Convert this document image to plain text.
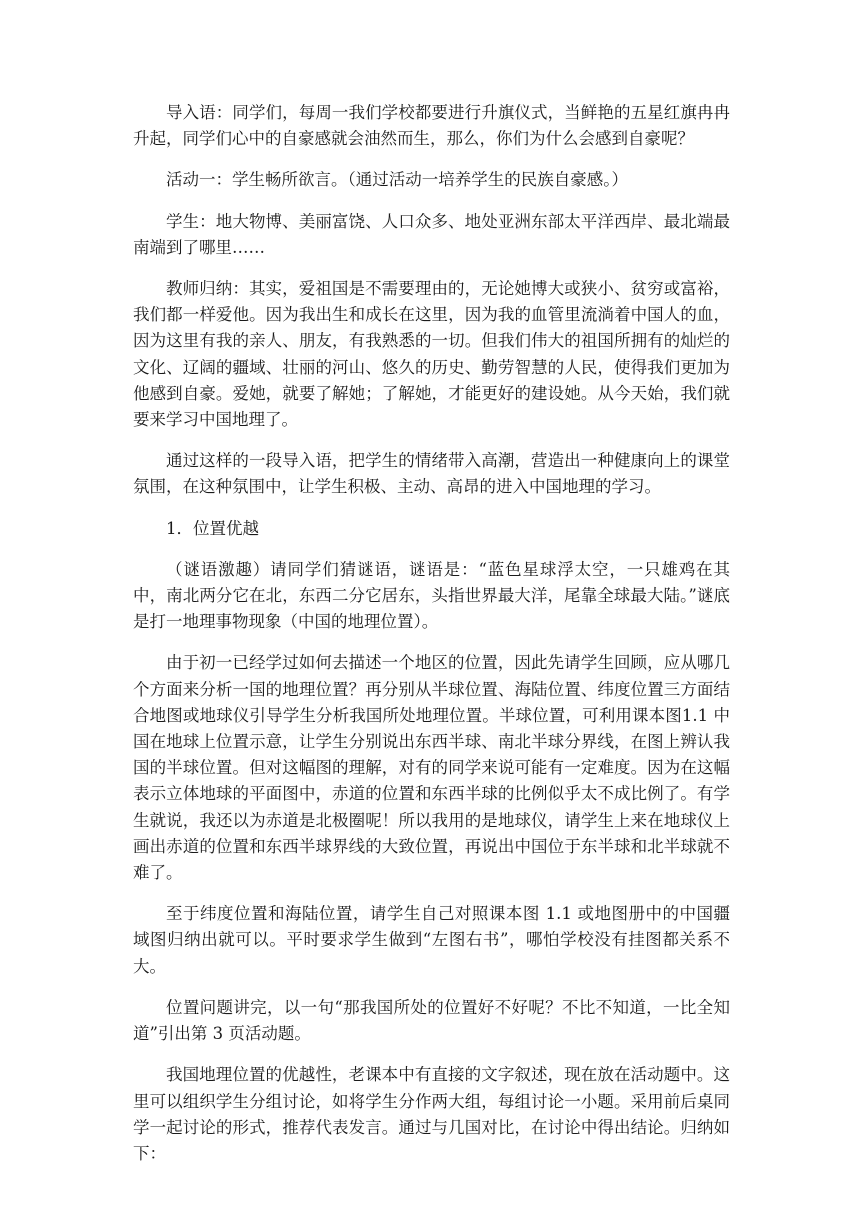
导入语：同学们，每周一我们学校都要进行升旗仪式，当鲜艳的五星红旗冉冉升起，同学们心中的自豪感就会油然而生，那么，你们为什么会感到自豪呢？

活动一：学生畅所欲言。（通过活动一培养学生的民族自豪感。）

学生：地大物博、美丽富饶、人口众多、地处亚洲东部太平洋西岸、最北端最南端到了哪里……

教师归纳：其实，爱祖国是不需要理由的，无论她博大或狭小、贫穷或富裕，我们都一样爱他。因为我出生和成长在这里，因为我的血管里流淌着中国人的血，因为这里有我的亲人、朋友，有我熟悉的一切。但我们伟大的祖国所拥有的灿烂的文化、辽阔的疆域、壮丽的河山、悠久的历史、勤劳智慧的人民，使得我们更加为他感到自豪。爱她，就要了解她；了解她，才能更好的建设她。从今天始，我们就要来学习中国地理了。

通过这样的一段导入语，把学生的情绪带入高潮，营造出一种健康向上的课堂氛围，在这种氛围中，让学生积极、主动、高昂的进入中国地理的学习。

1．位置优越

（谜语激趣）请同学们猜谜语，谜语是：“蓝色星球浮太空，一只雄鸡在其中，南北两分它在北，东西二分它居东，头指世界最大洋，尾靠全球最大陆。”谜底是打一地理事物现象（中国的地理位置）。

由于初一已经学过如何去描述一个地区的位置，因此先请学生回顾，应从哪几个方面来分析一国的地理位置？再分别从半球位置、海陆位置、纬度位置三方面结合地图或地球仪引导学生分析我国所处地理位置。半球位置，可利用课本图1.1 中国在地球上位置示意，让学生分别说出东西半球、南北半球分界线，在图上辨认我国的半球位置。但对这幅图的理解，对有的同学来说可能有一定难度。因为在这幅表示立体地球的平面图中，赤道的位置和东西半球的比例似乎太不成比例了。有学生就说，我还以为赤道是北极圈呢！所以我用的是地球仪，请学生上来在地球仪上画出赤道的位置和东西半球界线的大致位置，再说出中国位于东半球和北半球就不难了。

至于纬度位置和海陆位置，请学生自己对照课本图 1.1 或地图册中的中国疆域图归纳出就可以。平时要求学生做到“左图右书”，哪怕学校没有挂图都关系不大。

位置问题讲完，以一句“那我国所处的位置好不好呢？不比不知道，一比全知道”引出第 3 页活动题。

我国地理位置的优越性，老课本中有直接的文字叙述，现在放在活动题中。这里可以组织学生分组讨论，如将学生分作两大组，每组讨论一小题。采用前后桌同学一起讨论的形式，推荐代表发言。通过与几国对比，在讨论中得出结论。归纳如下：
